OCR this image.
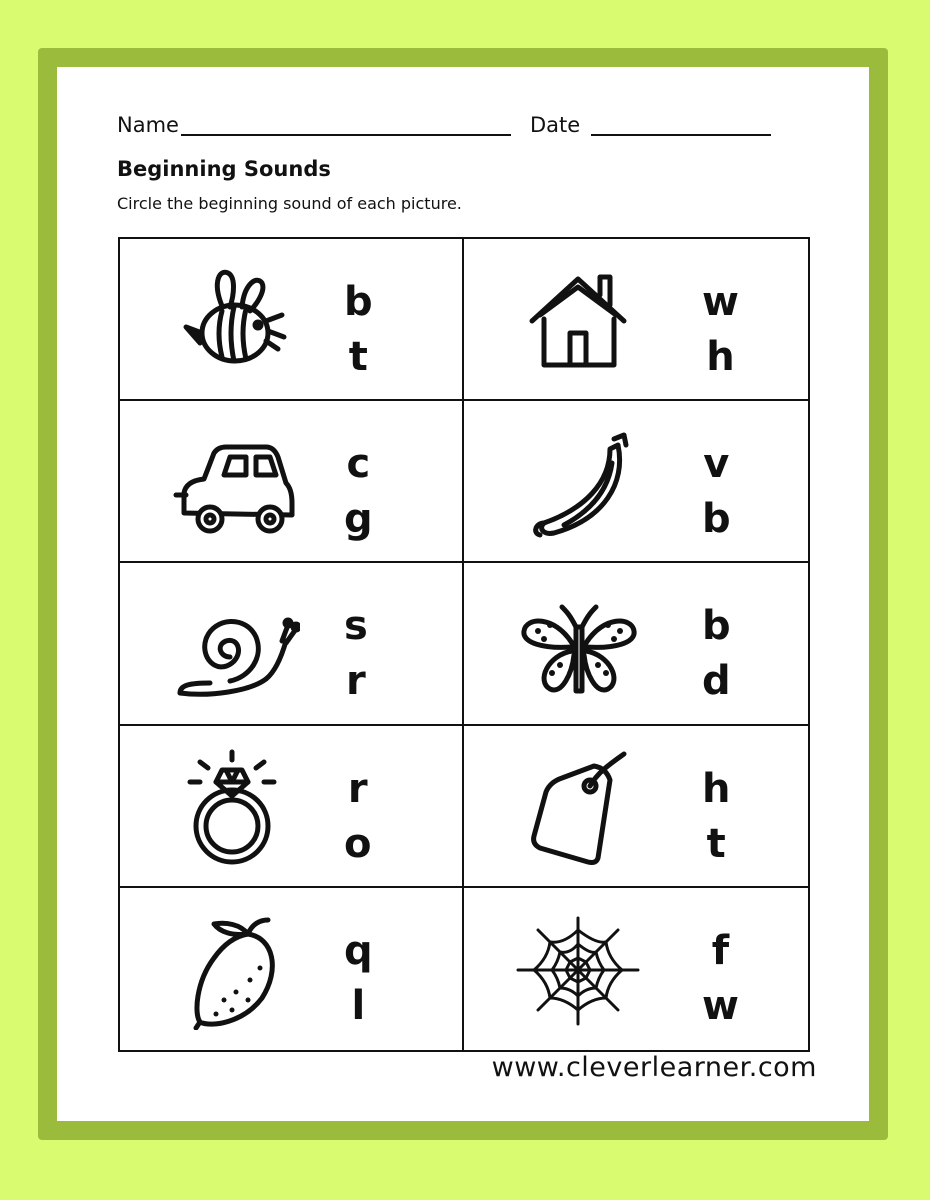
Name	Date
Beginning Sounds
Circle the beginning sound of each picture.
b
t
w
h
c
g
v
b
s
r
b
d
r
o
h
t
q
l
f
w
www.cleverlearner.com
